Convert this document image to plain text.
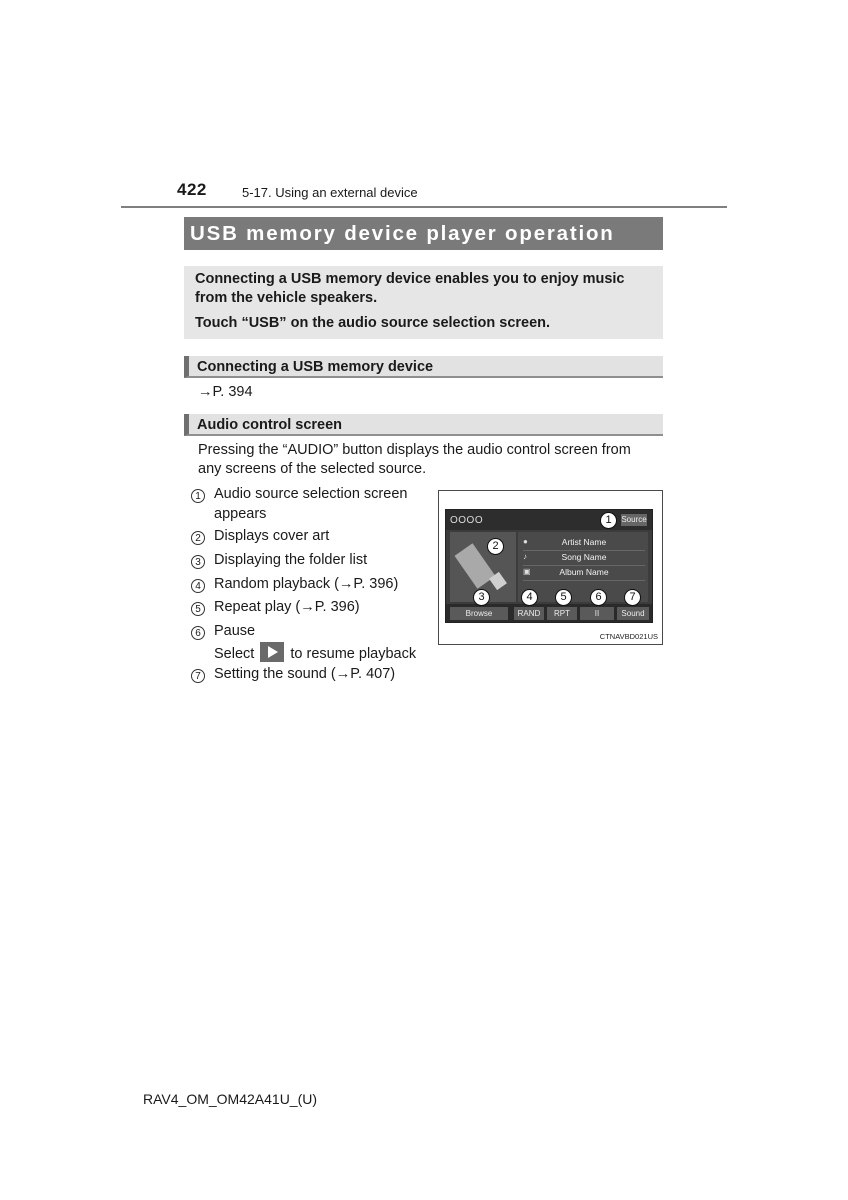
422	5-17. Using an external device
USB memory device player operation
Connecting a USB memory device enables you to enjoy music
from the vehicle speakers.
Touch “USB” on the audio source selection screen.
Connecting a USB memory device
→P. 394
Audio control screen
Pressing the “AUDIO” button displays the audio control screen from
any screens of the selected source.
1 Audio source selection screen
appears
2 Displays cover art
3 Displaying the folder list
4 Random playback (→P. 396)
5 Repeat play (→P. 396)
6 Pause
Select to resume playback
7 Setting the sound (→P. 407)
OOOO	Source
●	Artist Name
♪	Song Name
▣	Album Name
Browse	RAND	RPT	II	Sound
1
2
3	4	5	6	7
CTNAVBD021US
RAV4_OM_OM42A41U_(U)
